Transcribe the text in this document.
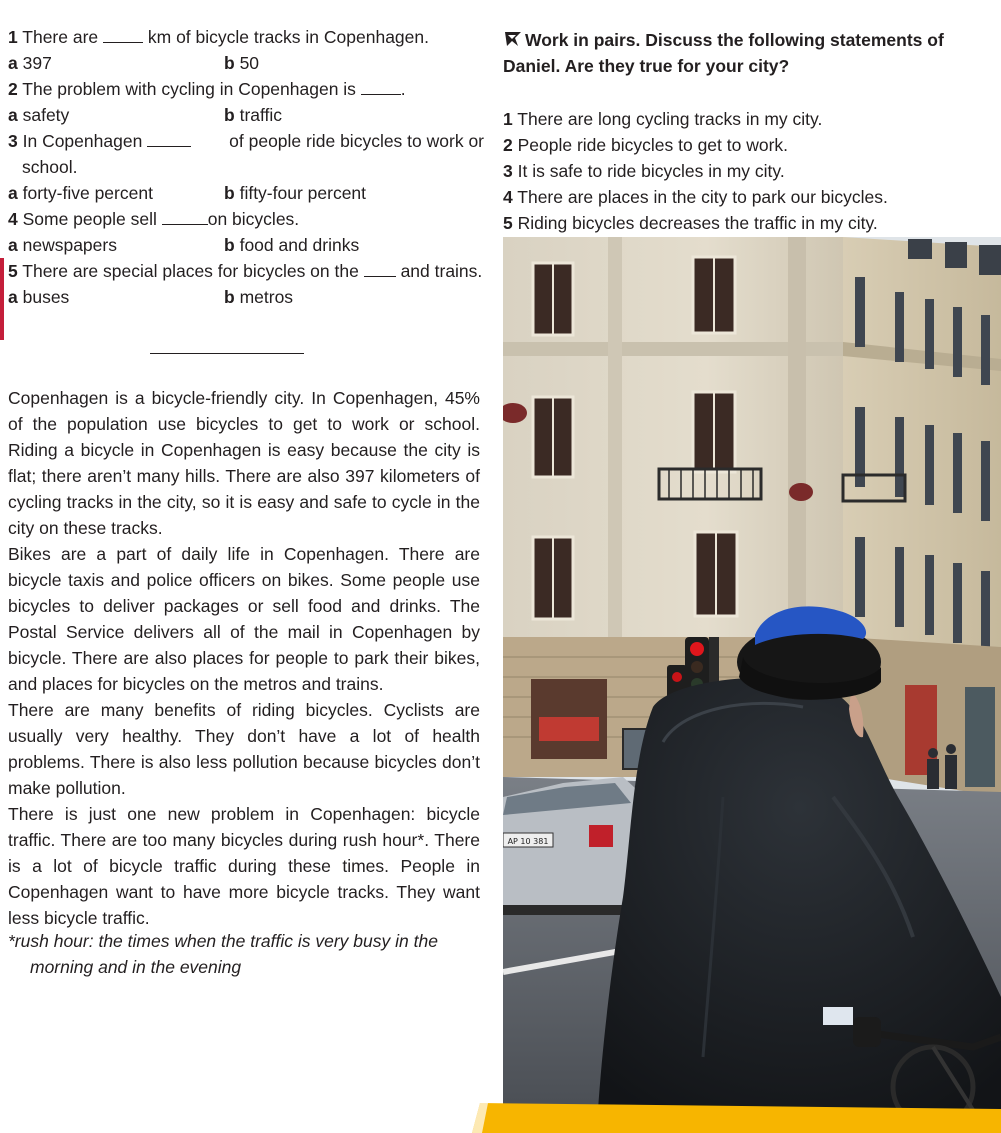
1 There are  km of bicycle tracks in Copenhagen.
a 397	b 50
2 The problem with cycling in Copenhagen is .
a safety	b traffic
3 In Copenhagen	of people ride bicycles to work or
school.
a forty-five percent	b fifty-four percent
4 Some people sell	on bicycles.
a newspapers	b food and drinks
5 There are special places for bicycles on the  and trains.
a buses	b metros

Copenhagen is a bicycle-friendly city. In Copenhagen, 45% of the population use bicycles to get to work or school. Riding a bicycle in Copenhagen is easy because the city is flat; there aren’t many hills. There are also 397 kilometers of cycling tracks in the city, so it is easy and safe to cycle in the city on these tracks.

Bikes are a part of daily life in Copenhagen. There are bicycle taxis and police officers on bikes. Some people use bicycles to deliver packages or sell food and drinks. The Postal Service delivers all of the mail in Copenhagen by bicycle. There are also places for people to park their bikes, and places for bicycles on the metros and trains.

There are many benefits of riding bicycles. Cyclists are usually very healthy. They don’t have a lot of health problems. There is also less pollution because bicycles don’t make pollution.

There is just one new problem in Copenhagen: bicycle traffic. There are too many bicycles during rush hour*. There is a lot of bicycle traffic during these times. People in Copenhagen want to have more bicycle tracks. They want less bicycle traffic.

*rush hour: the times when the traffic is very busy in the
morning and in the evening
Work in pairs. Discuss the following statements of
Daniel. Are they true for your city?
1 There are long cycling tracks in my city.
2 People ride bicycles to get to work.
3 It is safe to ride bicycles in my city.
4 There are places in the city to park our bicycles.
5 Riding bicycles decreases the traffic in my city.
AP 10 381
